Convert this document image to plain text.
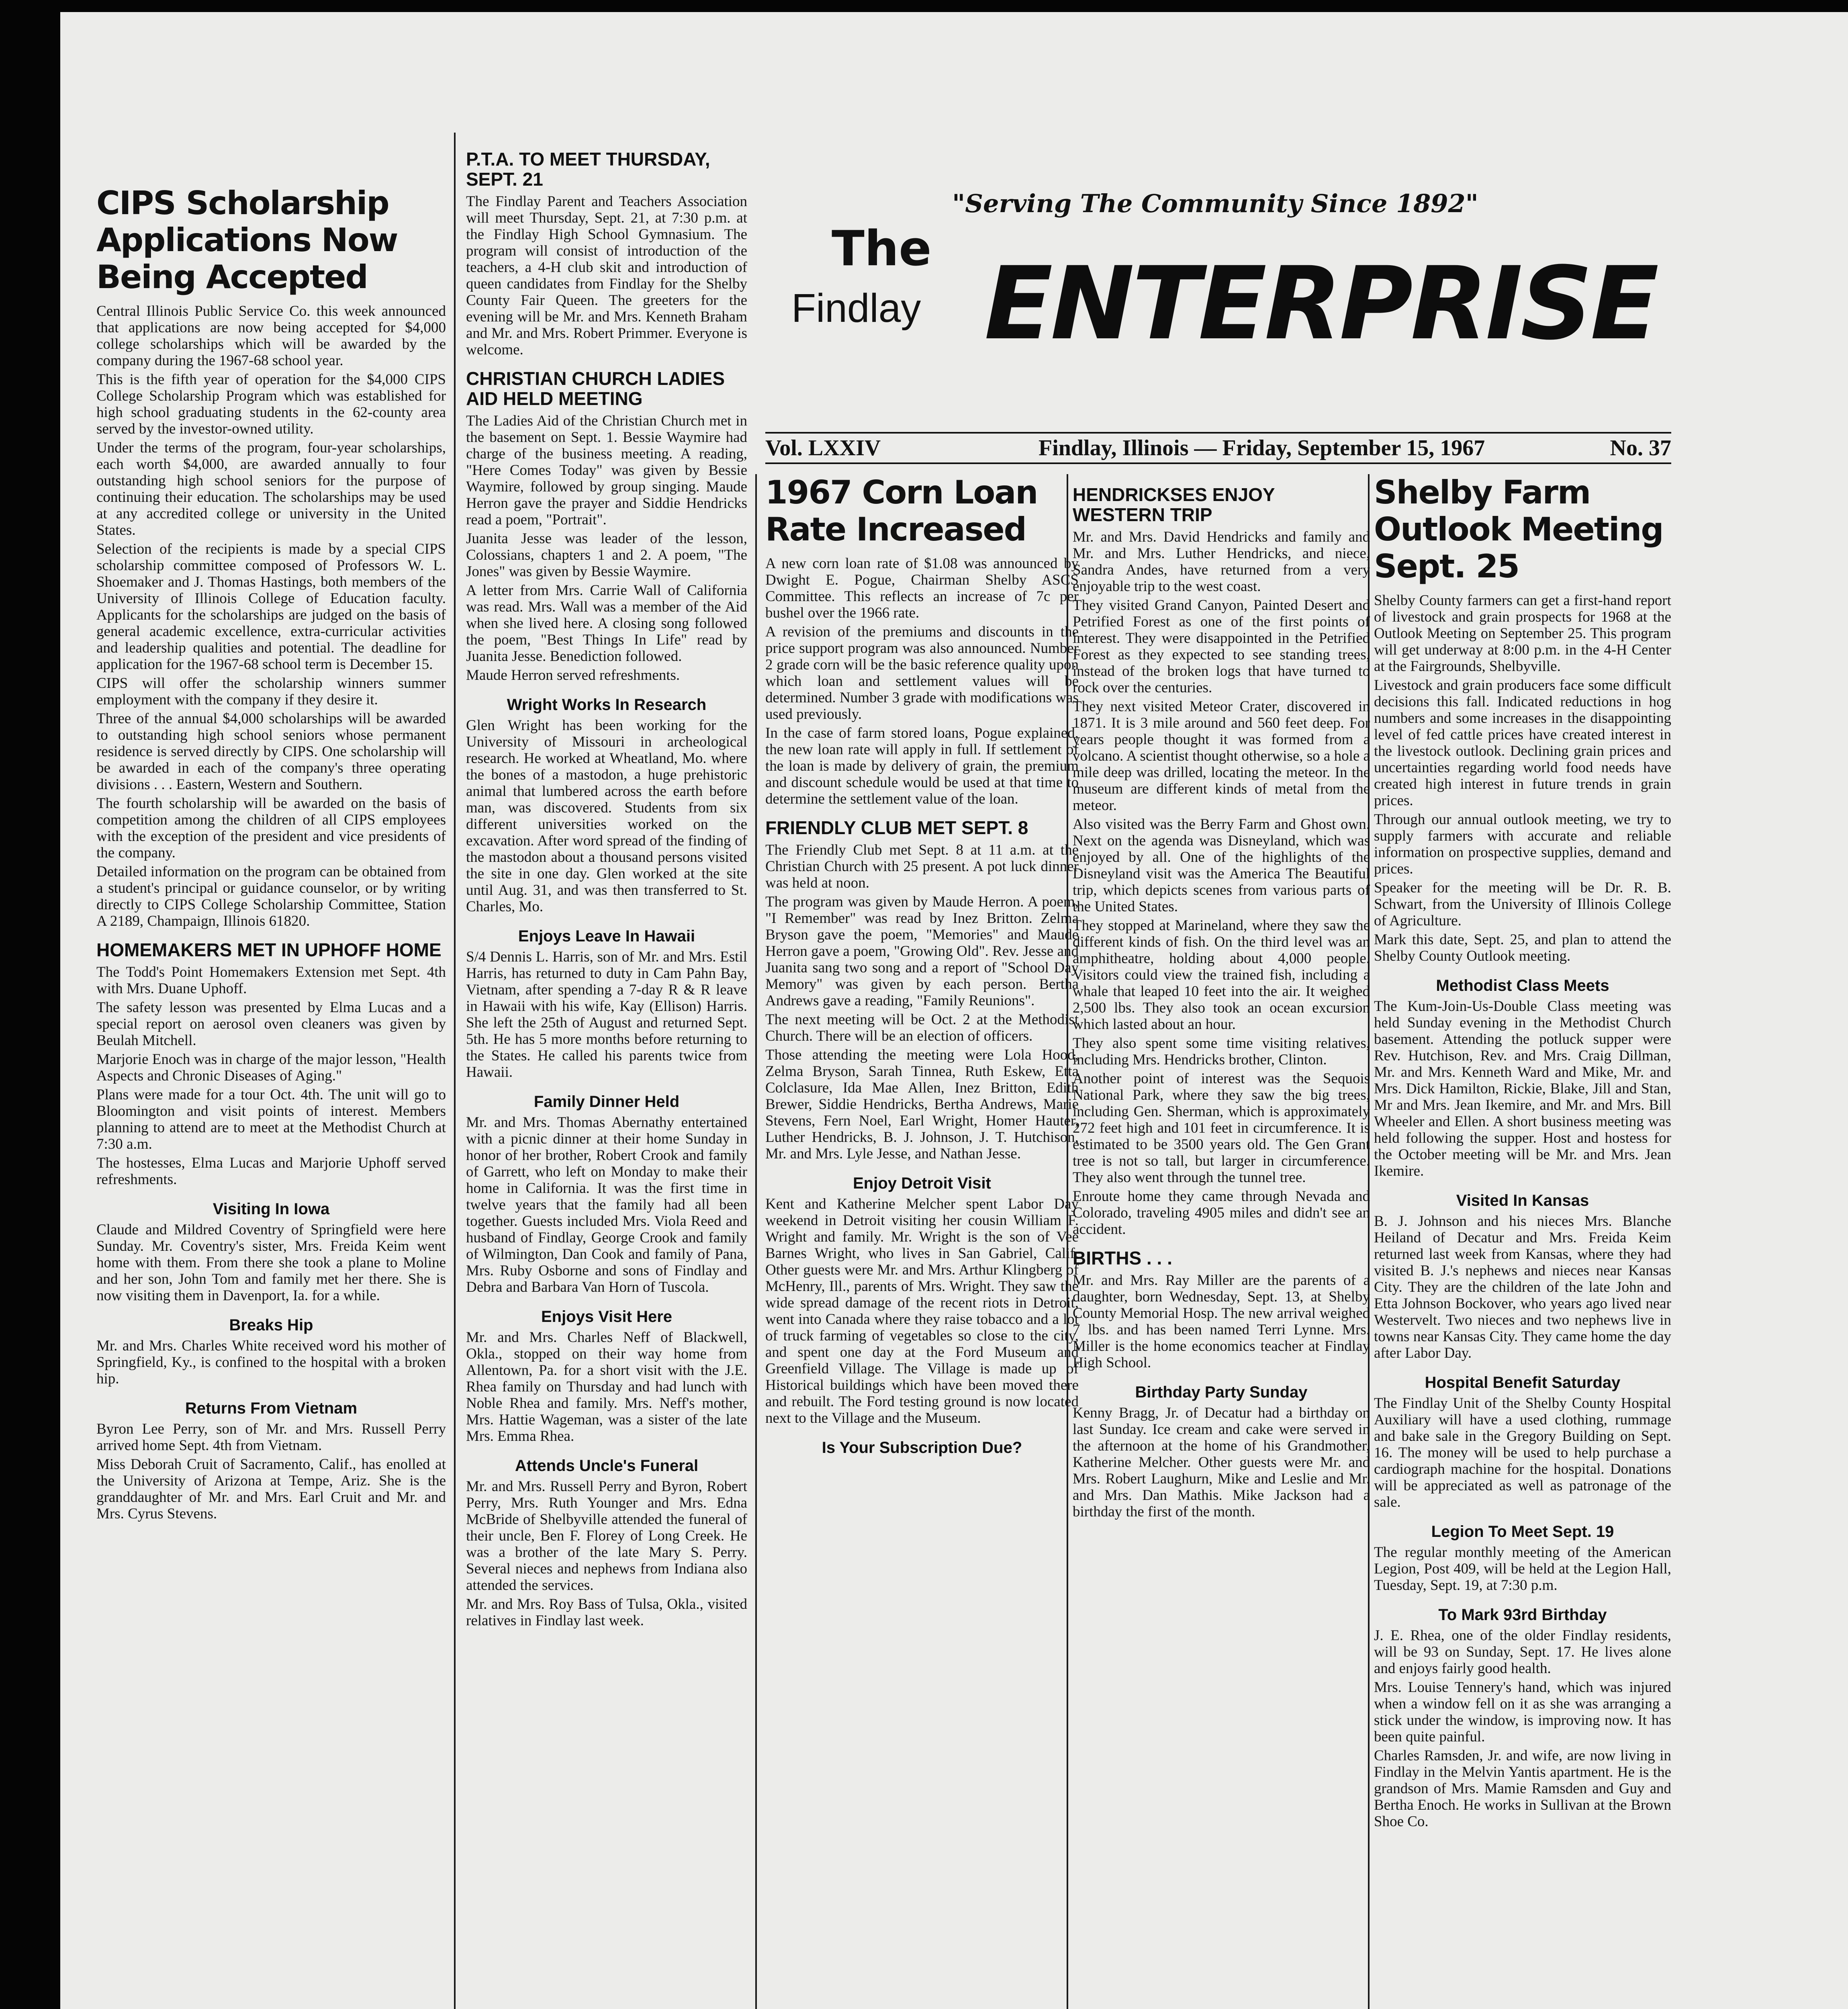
"Serving The Community Since 1892"
The
Findlay ENTERPRISE
Vol. LXXIV	Findlay, Illinois — Friday, September 15, 1967	No. 37
CIPS Scholarship Applications Now Being Accepted

Central Illinois Public Service Co. this week announced that applications are now being accepted for $4,000 college scholarships which will be awarded by the company during the 1967-68 school year.

This is the fifth year of operation for the $4,000 CIPS College Scholarship Program which was established for high school graduating students in the 62-county area served by the investor-owned utility.

Under the terms of the program, four-year scholarships, each worth $4,000, are awarded annually to four outstanding high school seniors for the purpose of continuing their education. The scholarships may be used at any accredited college or university in the United States.

Selection of the recipients is made by a special CIPS scholarship committee composed of Professors W. L. Shoemaker and J. Thomas Hastings, both members of the University of Illinois College of Education faculty. Applicants for the scholarships are judged on the basis of general academic excellence, extra-curricular activities and leadership qualities and potential. The deadline for application for the 1967-68 school term is December 15.

CIPS will offer the scholarship winners summer employment with the company if they desire it.

Three of the annual $4,000 scholarships will be awarded to outstanding high school seniors whose permanent residence is served directly by CIPS. One scholarship will be awarded in each of the company's three operating divisions . . . Eastern, Western and Southern.

The fourth scholarship will be awarded on the basis of competition among the children of all CIPS employees with the exception of the president and vice presidents of the company.

Detailed information on the program can be obtained from a student's principal or guidance counselor, or by writing directly to CIPS College Scholarship Committee, Station A 2189, Champaign, Illinois 61820.

HOMEMAKERS MET IN UPHOFF HOME

The Todd's Point Homemakers Extension met Sept. 4th with Mrs. Duane Uphoff.

The safety lesson was presented by Elma Lucas and a special report on aerosol oven cleaners was given by Beulah Mitchell.

Marjorie Enoch was in charge of the major lesson, "Health Aspects and Chronic Diseases of Aging."

Plans were made for a tour Oct. 4th. The unit will go to Bloomington and visit points of interest. Members planning to attend are to meet at the Methodist Church at 7:30 a.m.

The hostesses, Elma Lucas and Marjorie Uphoff served refreshments.

Visiting In Iowa

Claude and Mildred Coventry of Springfield were here Sunday. Mr. Coventry's sister, Mrs. Freida Keim went home with them. From there she took a plane to Moline and her son, John Tom and family met her there. She is now visiting them in Davenport, Ia. for a while.

Breaks Hip

Mr. and Mrs. Charles White received word his mother of Springfield, Ky., is confined to the hospital with a broken hip.

Returns From Vietnam

Byron Lee Perry, son of Mr. and Mrs. Russell Perry arrived home Sept. 4th from Vietnam.

Miss Deborah Cruit of Sacramento, Calif., has enolled at the University of Arizona at Tempe, Ariz. She is the granddaughter of Mr. and Mrs. Earl Cruit and Mr. and Mrs. Cyrus Stevens.

P.T.A. TO MEET THURSDAY, SEPT. 21

The Findlay Parent and Teachers Association will meet Thursday, Sept. 21, at 7:30 p.m. at the Findlay High School Gymnasium. The program will consist of introduction of the teachers, a 4-H club skit and introduction of queen candidates from Findlay for the Shelby County Fair Queen. The greeters for the evening will be Mr. and Mrs. Kenneth Braham and Mr. and Mrs. Robert Primmer. Everyone is welcome.

CHRISTIAN CHURCH LADIES AID HELD MEETING

The Ladies Aid of the Christian Church met in the basement on Sept. 1. Bessie Waymire had charge of the business meeting. A reading, "Here Comes Today" was given by Bessie Waymire, followed by group singing. Maude Herron gave the prayer and Siddie Hendricks read a poem, "Portrait".

Juanita Jesse was leader of the lesson, Colossians, chapters 1 and 2. A poem, "The Jones" was given by Bessie Waymire.

A letter from Mrs. Carrie Wall of California was read. Mrs. Wall was a member of the Aid when she lived here. A closing song followed the poem, "Best Things In Life" read by Juanita Jesse. Benediction followed.

Maude Herron served refreshments.

Wright Works In Research

Glen Wright has been working for the University of Missouri in archeological research. He worked at Wheatland, Mo. where the bones of a mastodon, a huge prehistoric animal that lumbered across the earth before man, was discovered. Students from six different universities worked on the excavation. After word spread of the finding of the mastodon about a thousand persons visited the site in one day. Glen worked at the site until Aug. 31, and was then transferred to St. Charles, Mo.

Enjoys Leave In Hawaii

S/4 Dennis L. Harris, son of Mr. and Mrs. Estil Harris, has returned to duty in Cam Pahn Bay, Vietnam, after spending a 7-day R & R leave in Hawaii with his wife, Kay (Ellison) Harris. She left the 25th of August and returned Sept. 5th. He has 5 more months before returning to the States. He called his parents twice from Hawaii.

Family Dinner Held

Mr. and Mrs. Thomas Abernathy entertained with a picnic dinner at their home Sunday in honor of her brother, Robert Crook and family of Garrett, who left on Monday to make their home in California. It was the first time in twelve years that the family had all been together. Guests included Mrs. Viola Reed and husband of Findlay, George Crook and family of Wilmington, Dan Cook and family of Pana, Mrs. Ruby Osborne and sons of Findlay and Debra and Barbara Van Horn of Tuscola.

Enjoys Visit Here

Mr. and Mrs. Charles Neff of Blackwell, Okla., stopped on their way home from Allentown, Pa. for a short visit with the J.E. Rhea family on Thursday and had lunch with Noble Rhea and family. Mrs. Neff's mother, Mrs. Hattie Wageman, was a sister of the late Mrs. Emma Rhea.

Attends Uncle's Funeral

Mr. and Mrs. Russell Perry and Byron, Robert Perry, Mrs. Ruth Younger and Mrs. Edna McBride of Shelbyville attended the funeral of their uncle, Ben F. Florey of Long Creek. He was a brother of the late Mary S. Perry. Several nieces and nephews from Indiana also attended the services.

Mr. and Mrs. Roy Bass of Tulsa, Okla., visited relatives in Findlay last week.

1967 Corn Loan Rate Increased

A new corn loan rate of $1.08 was announced by Dwight E. Pogue, Chairman Shelby ASCS Committee. This reflects an increase of 7c per bushel over the 1966 rate.

A revision of the premiums and discounts in the price support program was also announced. Number 2 grade corn will be the basic reference quality upon which loan and settlement values will be determined. Number 3 grade with modifications was used previously.

In the case of farm stored loans, Pogue explained, the new loan rate will apply in full. If settlement of the loan is made by delivery of grain, the premium and discount schedule would be used at that time to determine the settlement value of the loan.

FRIENDLY CLUB MET SEPT. 8

The Friendly Club met Sept. 8 at 11 a.m. at the Christian Church with 25 present. A pot luck dinner was held at noon.

The program was given by Maude Herron. A poem, "I Remember" was read by Inez Britton. Zelma Bryson gave the poem, "Memories" and Maude Herron gave a poem, "Growing Old". Rev. Jesse and Juanita sang two song and a report of "School Day Memory" was given by each person. Bertha Andrews gave a reading, "Family Reunions".

The next meeting will be Oct. 2 at the Methodist Church. There will be an election of officers.

Those attending the meeting were Lola Hood, Zelma Bryson, Sarah Tinnea, Ruth Eskew, Etta Colclasure, Ida Mae Allen, Inez Britton, Edith Brewer, Siddie Hendricks, Bertha Andrews, Marie Stevens, Fern Noel, Earl Wright, Homer Hauter, Luther Hendricks, B. J. Johnson, J. T. Hutchison, Mr. and Mrs. Lyle Jesse, and Nathan Jesse.

Enjoy Detroit Visit

Kent and Katherine Melcher spent Labor Day weekend in Detroit visiting her cousin William F. Wright and family. Mr. Wright is the son of Vee Barnes Wright, who lives in San Gabriel, Calif. Other guests were Mr. and Mrs. Arthur Klingberg of McHenry, Ill., parents of Mrs. Wright. They saw the wide spread damage of the recent riots in Detroit, went into Canada where they raise tobacco and a lot of truck farming of vegetables so close to the city, and spent one day at the Ford Museum and Greenfield Village. The Village is made up of Historical buildings which have been moved there and rebuilt. The Ford testing ground is now located next to the Village and the Museum.

Is Your Subscription Due?
HENDRICKSES ENJOY WESTERN TRIP

Mr. and Mrs. David Hendricks and family and Mr. and Mrs. Luther Hendricks, and niece, Sandra Andes, have returned from a very enjoyable trip to the west coast.

They visited Grand Canyon, Painted Desert and Petrified Forest as one of the first points of interest. They were disappointed in the Petrified Forest as they expected to see standing trees, instead of the broken logs that have turned to rock over the centuries.

They next visited Meteor Crater, discovered in 1871. It is 3 mile around and 560 feet deep. For years people thought it was formed from a volcano. A scientist thought otherwise, so a hole a mile deep was drilled, locating the meteor. In the museum are different kinds of metal from the meteor.

Also visited was the Berry Farm and Ghost own. Next on the agenda was Disneyland, which was enjoyed by all. One of the highlights of the Disneyland visit was the America The Beautiful trip, which depicts scenes from various parts of the United States.

They stopped at Marineland, where they saw the different kinds of fish. On the third level was an amphitheatre, holding about 4,000 people. Visitors could view the trained fish, including a whale that leaped 10 feet into the air. It weighed 2,500 lbs. They also took an ocean excursion which lasted about an hour.

They also spent some time visiting relatives, including Mrs. Hendricks brother, Clinton.

Another point of interest was the Sequois National Park, where they saw the big trees, including Gen. Sherman, which is approximately 272 feet high and 101 feet in circumference. It is estimated to be 3500 years old. The Gen Grant tree is not so tall, but larger in circumference. They also went through the tunnel tree.

Enroute home they came through Nevada and Colorado, traveling 4905 miles and didn't see an accident.

BIRTHS . . .

Mr. and Mrs. Ray Miller are the parents of a daughter, born Wednesday, Sept. 13, at Shelby County Memorial Hosp. The new arrival weighed 7 lbs. and has been named Terri Lynne. Mrs. Miller is the home economics teacher at Findlay High School.

Birthday Party Sunday

Kenny Bragg, Jr. of Decatur had a birthday on last Sunday. Ice cream and cake were served in the afternoon at the home of his Grandmother, Katherine Melcher. Other guests were Mr. and Mrs. Robert Laughurn, Mike and Leslie and Mr. and Mrs. Dan Mathis. Mike Jackson had a birthday the first of the month.

Shelby Farm Outlook Meeting Sept. 25

Shelby County farmers can get a first-hand report of livestock and grain prospects for 1968 at the Outlook Meeting on September 25. This program will get underway at 8:00 p.m. in the 4-H Center at the Fairgrounds, Shelbyville.

Livestock and grain producers face some difficult decisions this fall. Indicated reductions in hog numbers and some increases in the disappointing level of fed cattle prices have created interest in the livestock outlook. Declining grain prices and uncertainties regarding world food needs have created high interest in future trends in grain prices.

Through our annual outlook meeting, we try to supply farmers with accurate and reliable information on prospective supplies, demand and prices.

Speaker for the meeting will be Dr. R. B. Schwart, from the University of Illinois College of Agriculture.

Mark this date, Sept. 25, and plan to attend the Shelby County Outlook meeting.

Methodist Class Meets

The Kum-Join-Us-Double Class meeting was held Sunday evening in the Methodist Church basement. Attending the potluck supper were Rev. Hutchison, Rev. and Mrs. Craig Dillman, Mr. and Mrs. Kenneth Ward and Mike, Mr. and Mrs. Dick Hamilton, Rickie, Blake, Jill and Stan, Mr and Mrs. Jean Ikemire, and Mr. and Mrs. Bill Wheeler and Ellen. A short business meeting was held following the supper. Host and hostess for the October meeting will be Mr. and Mrs. Jean Ikemire.

Visited In Kansas

B. J. Johnson and his nieces Mrs. Blanche Heiland of Decatur and Mrs. Freida Keim returned last week from Kansas, where they had visited B. J.'s nephews and nieces near Kansas City. They are the children of the late John and Etta Johnson Bockover, who years ago lived near Westervelt. Two nieces and two nephews live in towns near Kansas City. They came home the day after Labor Day.

Hospital Benefit Saturday

The Findlay Unit of the Shelby County Hospital Auxiliary will have a used clothing, rummage and bake sale in the Gregory Building on Sept. 16. The money will be used to help purchase a cardiograph machine for the hospital. Donations will be appreciated as well as patronage of the sale.

Legion To Meet Sept. 19

The regular monthly meeting of the American Legion, Post 409, will be held at the Legion Hall, Tuesday, Sept. 19, at 7:30 p.m.

To Mark 93rd Birthday

J. E. Rhea, one of the older Findlay residents, will be 93 on Sunday, Sept. 17. He lives alone and enjoys fairly good health.

Mrs. Louise Tennery's hand, which was injured when a window fell on it as she was arranging a stick under the window, is improving now. It has been quite painful.

Charles Ramsden, Jr. and wife, are now living in Findlay in the Melvin Yantis apartment. He is the grandson of Mrs. Mamie Ramsden and Guy and Bertha Enoch. He works in Sullivan at the Brown Shoe Co.
